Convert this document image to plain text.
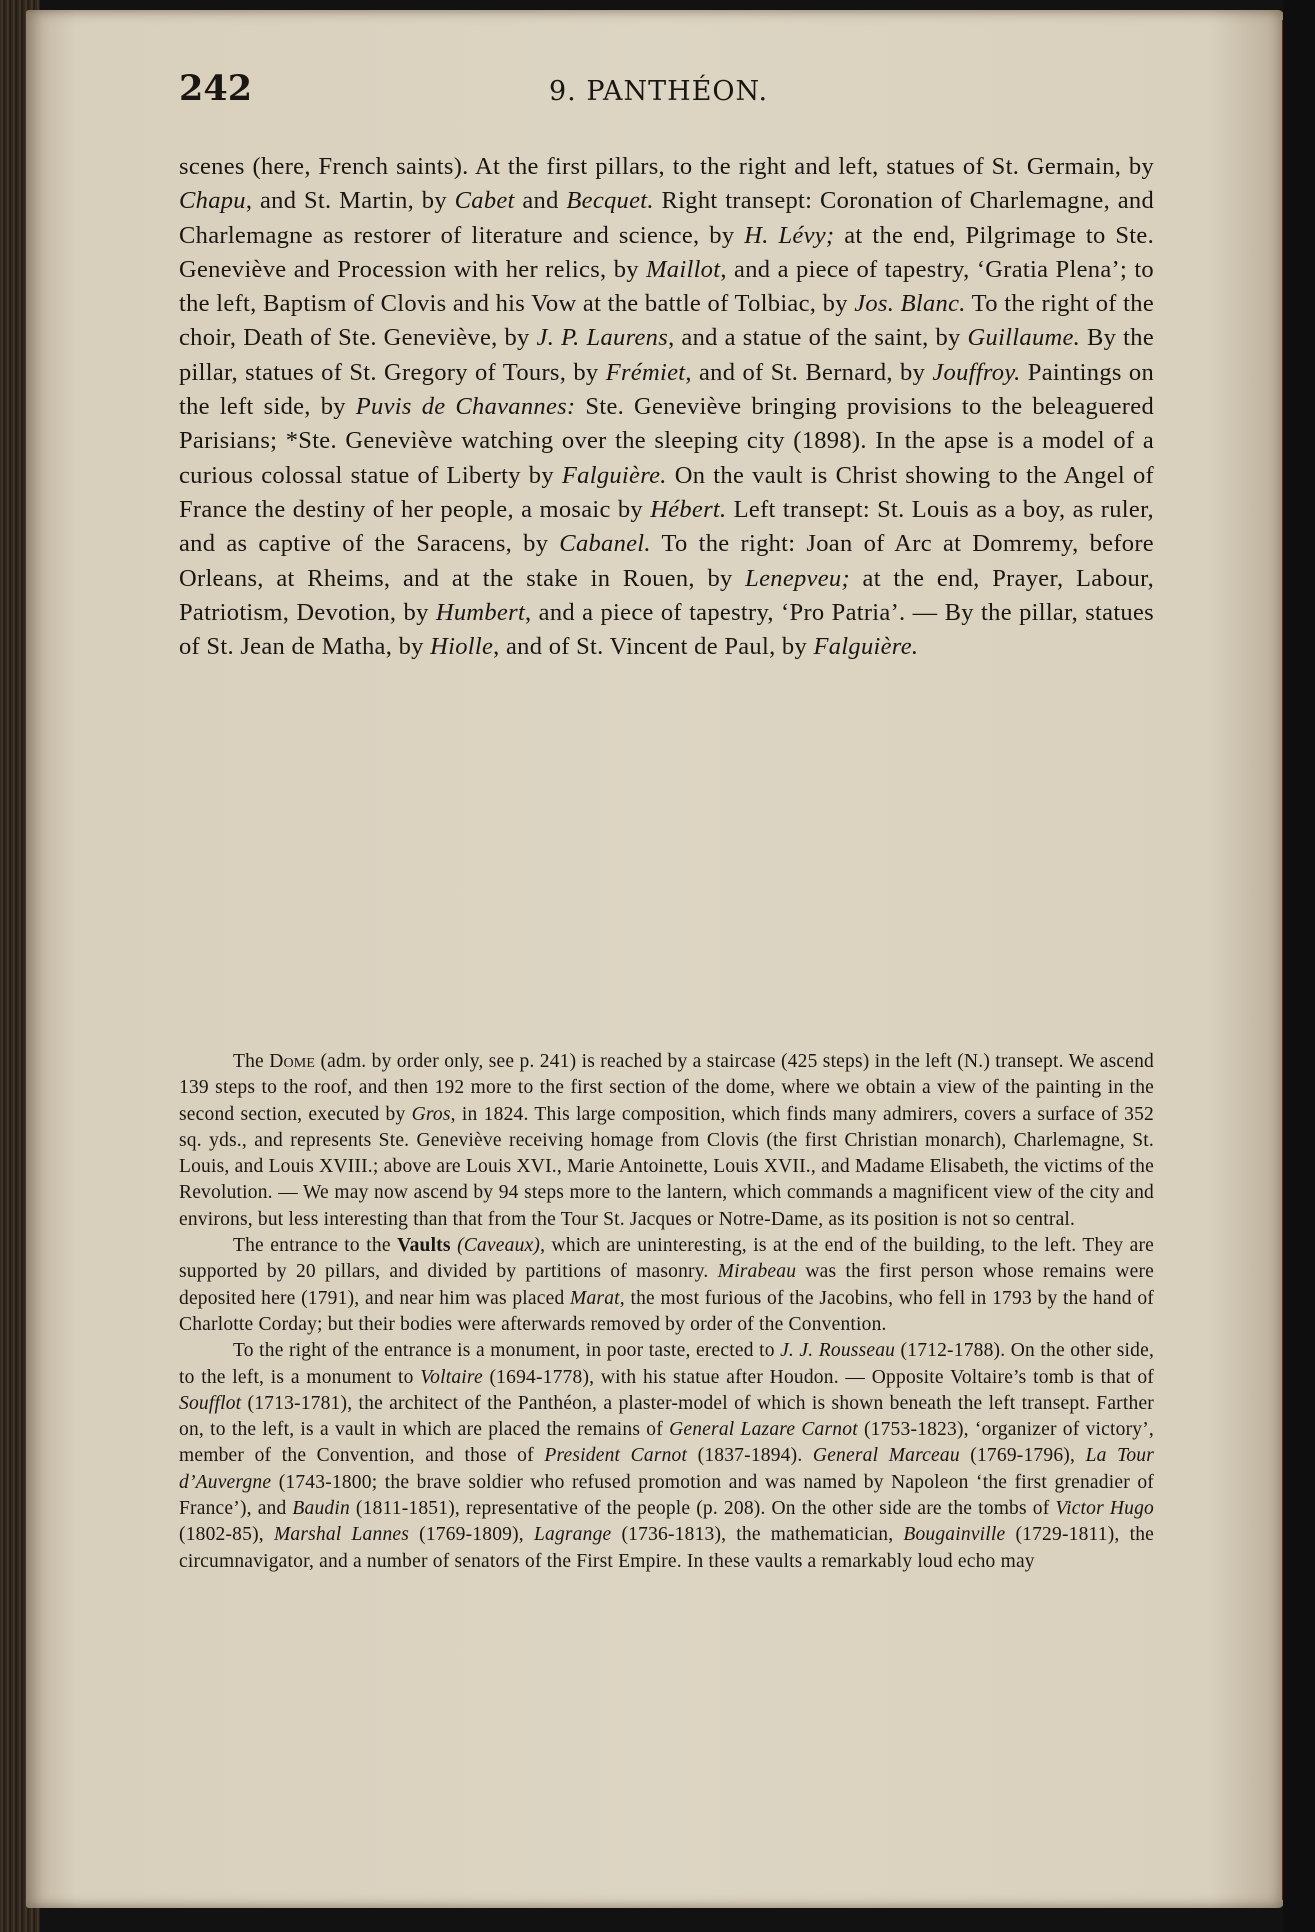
242	9. PANTHÉON.

scenes (here, French saints). At the first pillars, to the right and left, statues of St. Germain, by Chapu, and St. Martin, by Cabet and Becquet. Right transept: Coronation of Charlemagne, and Charlemagne as restorer of literature and science, by H. Lévy; at the end, Pilgrimage to Ste. Geneviève and Procession with her relics, by Maillot, and a piece of tapestry, ‘Gratia Plena’; to the left, Baptism of Clovis and his Vow at the battle of Tolbiac, by Jos. Blanc. To the right of the choir, Death of Ste. Geneviève, by J. P. Laurens, and a statue of the saint, by Guillaume. By the pillar, statues of St. Gregory of Tours, by Frémiet, and of St. Bernard, by Jouffroy. Paintings on the left side, by Puvis de Chavannes: Ste. Geneviève bringing provisions to the beleaguered Parisians; *Ste. Geneviève watching over the sleeping city (1898). In the apse is a model of a curious colossal statue of Liberty by Falguière. On the vault is Christ showing to the Angel of France the destiny of her people, a mosaic by Hébert. Left transept: St. Louis as a boy, as ruler, and as captive of the Saracens, by Cabanel. To the right: Joan of Arc at Domremy, before Orleans, at Rheims, and at the stake in Rouen, by Lenepveu; at the end, Prayer, Labour, Patriotism, Devotion, by Humbert, and a piece of tapestry, ‘Pro Patria’. — By the pillar, statues of St. Jean de Matha, by Hiolle, and of St. Vincent de Paul, by Falguière.

The Dome (adm. by order only, see p. 241) is reached by a staircase (425 steps) in the left (N.) transept. We ascend 139 steps to the roof, and then 192 more to the first section of the dome, where we obtain a view of the painting in the second section, executed by Gros, in 1824. This large composition, which finds many admirers, covers a surface of 352 sq. yds., and represents Ste. Geneviève receiving homage from Clovis (the first Christian monarch), Charlemagne, St. Louis, and Louis XVIII.; above are Louis XVI., Marie Antoinette, Louis XVII., and Madame Elisabeth, the victims of the Revolution. — We may now ascend by 94 steps more to the lantern, which commands a magnificent view of the city and environs, but less interesting than that from the Tour St. Jacques or Notre-Dame, as its position is not so central.

The entrance to the Vaults (Caveaux), which are uninteresting, is at the end of the building, to the left. They are supported by 20 pillars, and divided by partitions of masonry. Mirabeau was the first person whose remains were deposited here (1791), and near him was placed Marat, the most furious of the Jacobins, who fell in 1793 by the hand of Charlotte Corday; but their bodies were afterwards removed by order of the Convention.

To the right of the entrance is a monument, in poor taste, erected to J. J. Rousseau (1712-1788). On the other side, to the left, is a monument to Voltaire (1694-1778), with his statue after Houdon. — Opposite Voltaire’s tomb is that of Soufflot (1713-1781), the architect of the Panthéon, a plaster-model of which is shown beneath the left transept. Farther on, to the left, is a vault in which are placed the remains of General Lazare Carnot (1753-1823), ‘organizer of victory’, member of the Convention, and those of President Carnot (1837-1894). General Marceau (1769-1796), La Tour d’Auvergne (1743-1800; the brave soldier who refused promotion and was named by Napoleon ‘the first grenadier of France’), and Baudin (1811-1851), representative of the people (p. 208). On the other side are the tombs of Victor Hugo (1802-85), Marshal Lannes (1769-1809), Lagrange (1736-1813), the mathematician, Bougainville (1729-1811), the circumnavigator, and a number of senators of the First Empire. In these vaults a remarkably loud echo may
